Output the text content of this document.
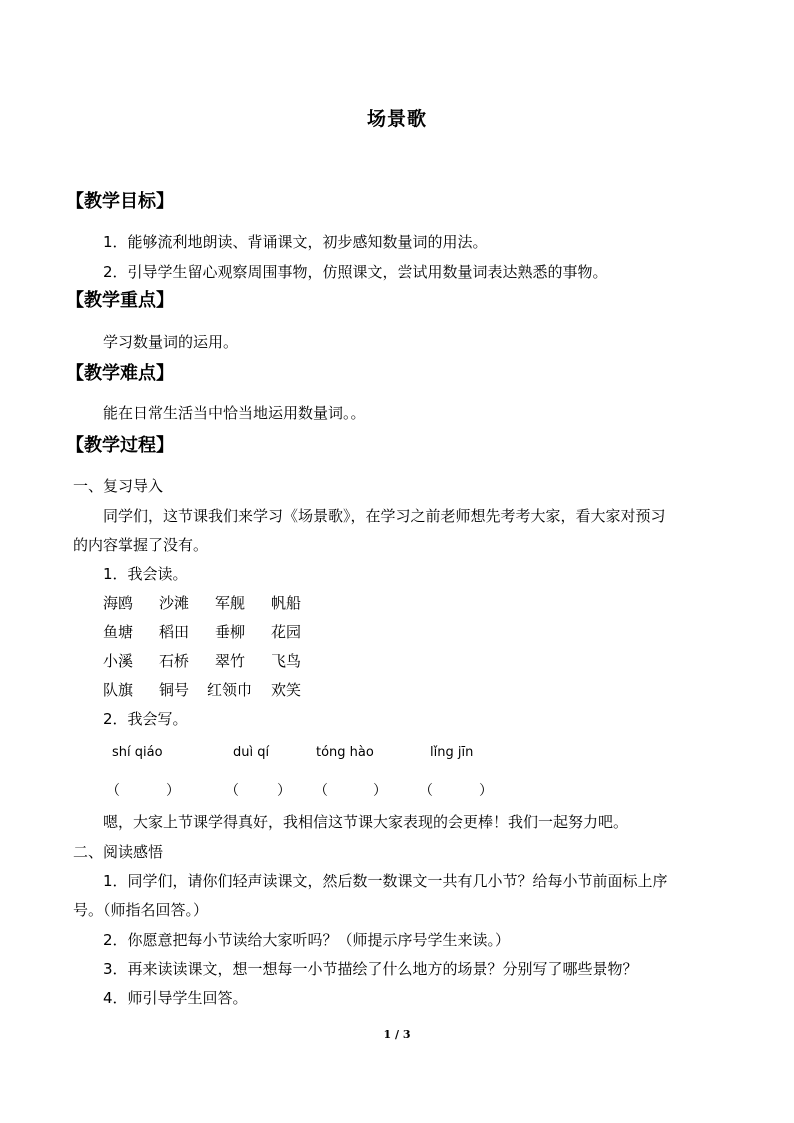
场景歌
【教学目标】
1．能够流利地朗读、背诵课文，初步感知数量词的用法。
2．引导学生留心观察周围事物，仿照课文，尝试用数量词表达熟悉的事物。
【教学重点】
学习数量词的运用。
【教学难点】
能在日常生活当中恰当地运用数量词。。
【教学过程】
一、复习导入
同学们，这节课我们来学习《场景歌》，在学习之前老师想先考考大家，看大家对预习
的内容掌握了没有。
1．我会读。
海鸥 沙滩 军舰 帆船
鱼塘 稻田 垂柳 花园
小溪 石桥 翠竹 飞鸟
队旗 铜号 红领巾 欢笑
2．我会写。
shí qiáo	duì qí	tóng hào	lǐng jīn
（	）	（	） （	） （	）
嗯，大家上节课学得真好，我相信这节课大家表现的会更棒！我们一起努力吧。
二、阅读感悟
1．同学们，请你们轻声读课文，然后数一数课文一共有几小节？给每小节前面标上序
号。（师指名回答。）
2．你愿意把每小节读给大家听吗？（师提示序号学生来读。）
3．再来读读课文，想一想每一小节描绘了什么地方的场景？分别写了哪些景物？
4．师引导学生回答。
1 / 3
